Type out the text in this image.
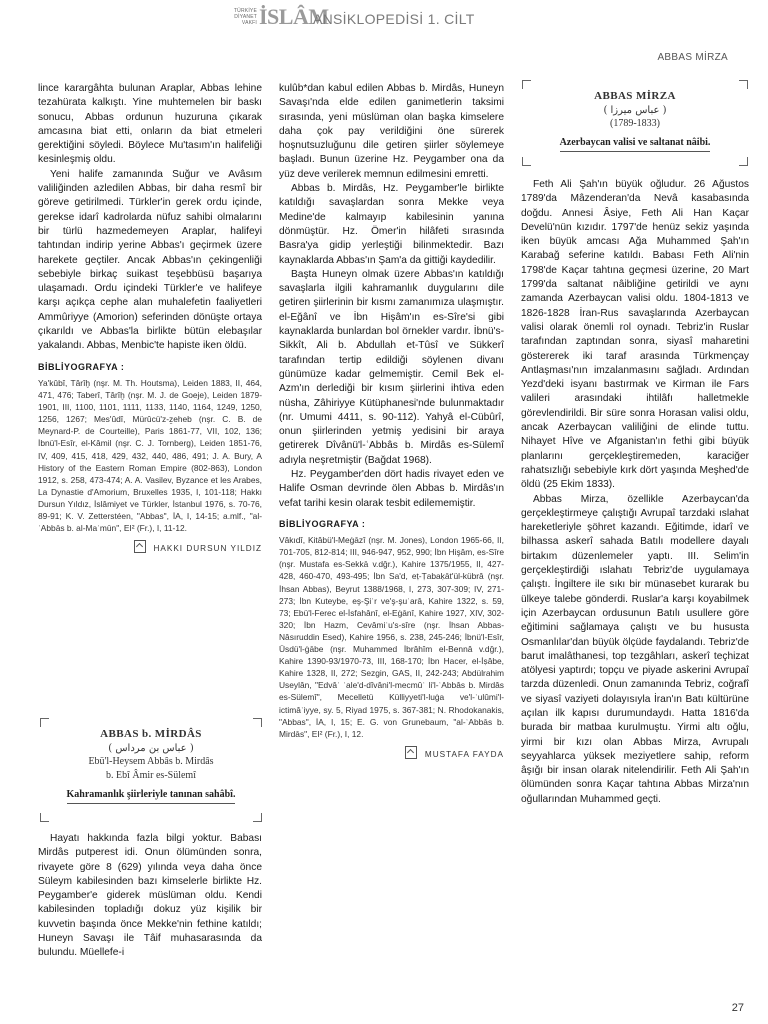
TÜRKİYE
DİYANET
VAKFI İSLÂM
ANSİKLOPEDİSİ 1. CİLT
ABBAS MİRZA

lince karargâhta bulunan Araplar, Abbas lehine tezahürata kalkıştı. Yine muhtemelen bir baskı sonucu, Abbas ordunun huzuruna çıkarak amcasına biat etti, onların da biat etmeleri gerektiğini söyledi. Böylece Mu'tasım'ın halifeliği kesinleşmiş oldu.

Yeni halife zamanında Suğur ve Avâsım valiliğinden azledilen Abbas, bir daha resmî bir göreve getirilmedi. Türkler'in gerek ordu içinde, gerekse idarî kadrolarda nüfuz sahibi olmalarını bir türlü hazmedemeyen Araplar, halifeyi tahtından indirip yerine Abbas'ı geçirmek üzere harekete geçtiler. Ancak Abbas'ın çekingenliği sebebiyle birkaç suikast teşebbüsü başarıya ulaşamadı. Ordu içindeki Türkler'e ve halifeye karşı açıkça cephe alan muhalefetin faaliyetleri Ammûriyye (Amorion) seferinden dönüşte ortaya çıkarıldı ve Abbas'la birlikte bütün elebaşılar yakalandı. Abbas, Menbic'te hapiste iken öldü.

BİBLİYOGRAFYA :

Ya'kûbî, Târîḫ (nşr. M. Th. Houtsma), Leiden 1883, II, 464, 471, 476; Taberî, Târîḫ (nşr. M. J. de Goeje), Leiden 1879-1901, III, 1100, 1101, 1111, 1133, 1140, 1164, 1249, 1250, 1256, 1267; Mes'ûdî, Mürûcü'z-ẕeheb (nşr. C. B. de Meynard-P. de Courteille), Paris 1861-77, VII, 102, 136; İbnü'l-Esîr, el-Kâmil (nşr. C. J. Tornberg), Leiden 1851-76, IV, 409, 415, 418, 429, 432, 440, 486, 491; J. A. Bury, A History of the Eastern Roman Empire (802-863), London 1912, s. 258, 473-474; A. A. Vasilev, Byzance et les Arabes, La Dynastie d'Amorium, Bruxelles 1935, I, 101-118; Hakkı Dursun Yıldız, İslâmiyet ve Türkler, İstanbul 1976, s. 70-76, 89-91; K. V. Zetterstéen, "Abbas", İA, I, 14-15; a.mlf., "al- ʿAbbās b. al-Maʾmūn", EI² (Fr.), I, 11-12.

HAKKI DURSUN YILDIZ
ABBAS b. MİRDÂS
( عباس بن مرداس )
Ebü'l-Heysem Abbâs b. Mirdâs
b. Ebî Âmir es-Sülemî
Kahramanlık şiirleriyle tanınan sahâbî.

Hayatı hakkında fazla bilgi yoktur. Babası Mirdâs putperest idi. Onun ölümünden sonra, rivayete göre 8 (629) yılında veya daha önce Süleym kabilesinden bazı kimselerle birlikte Hz. Peygamber'e giderek müslüman oldu. Kendi kabilesinden topladığı dokuz yüz kişilik bir kuvvetin başında önce Mekke'nin fethine katıldı; Huneyn Savaşı ile Tâif muhasarasında da bulundu. Müellefe-i

kulûb*dan kabul edilen Abbas b. Mirdâs, Huneyn Savaşı'nda elde edilen ganimetlerin taksimi sırasında, yeni müslüman olan başka kimselere daha çok pay verildiğini öne sürerek hoşnutsuzluğunu dile getiren şiirler söylemeye başladı. Bunun üzerine Hz. Peygamber ona da yüz deve verilerek memnun edilmesini emretti.

Abbas b. Mirdâs, Hz. Peygamber'le birlikte katıldığı savaşlardan sonra Mekke veya Medine'de kalmayıp kabilesinin yanına dönmüştür. Hz. Ömer'in hilâfeti sırasında Basra'ya gidip yerleştiği bilinmektedir. Bazı kaynaklarda Abbas'ın Şam'a da gittiği kaydedilir.

Başta Huneyn olmak üzere Abbas'ın katıldığı savaşlarla ilgili kahramanlık duygularını dile getiren şiirlerinin bir kısmı zamanımıza ulaşmıştır. el-Eğânî ve İbn Hişâm'ın es-Sîre'si gibi kaynaklarda bunlardan bol örnekler vardır. İbnü's-Sikkît, Ali b. Abdullah et-Tûsî ve Sükkerî tarafından tertip edildiği söylenen divanı günümüze kadar gelmemiştir. Cemil Bek el-Azm'ın derlediği bir kısım şiirlerini ihtiva eden nüsha, Zâhiriyye Kütüphanesi'nde bulunmaktadır (nr. Umumi 4411, s. 90-112). Yahyâ el-Cübûrî, onun şiirlerinden yetmiş yedisini bir araya getirerek Dîvânü'l-ʿAbbâs b. Mirdâs es-Sülemî adıyla neşretmiştir (Bağdat 1968).

Hz. Peygamber'den dört hadis rivayet eden ve Halife Osman devrinde ölen Abbas b. Mirdâs'ın vefat tarihi kesin olarak tesbit edilememiştir.

BİBLİYOGRAFYA :

Vâkıdî, Kitâbü'l-Meġāzî (nşr. M. Jones), London 1965-66, II, 701-705, 812-814; III, 946-947, 952, 990; İbn Hişâm, es-Sîre (nşr. Mustafa es-Sekkā v.dğr.), Kahire 1375/1955, II, 427-428, 460-470, 493-495; İbn Sa'd, eṭ-Ṭabaḳāt'ül-kübrâ (nşr. İhsan Abbas), Beyrut 1388/1968, I, 273, 307-309; IV, 271-273; İbn Kuteybe, eş-Şiʿr ve'ş-şuʿarâ, Kahire 1322, s. 59, 73; Ebü'l-Ferec el-İsfahânî, el-Eġānî, Kahire 1927, XIV, 302-320; İbn Hazm, Cevâmiʿu's-sîre (nşr. İhsan Abbas-Nâsıruddin Esed), Kahire 1956, s. 238, 245-246; İbnü'l-Esîr, Üsdü'l-ġābe (nşr. Muhammed İbrâhîm el-Bennâ v.dğr.), Kahire 1390-93/1970-73, III, 168-170; İbn Hacer, el-İṣâbe, Kahire 1328, II, 272; Sezgin, GAS, II, 242-243; Abdülrahim Useylân, "Edvâʾ ʿale'd-dîvâni'l-mecmûʿ li'l-ʿAbbâs b. Mirdâs es-Sülemî", Mecelletü Külliyyeti'l-luġa ve'l-ʿulûmi'l-ictimâʿiyye, sy. 5, Riyad 1975, s. 367-381; N. Rhodokanakis, "Abbas", İA, I, 15; E. G. von Grunebaum, "al-ʿAbbās b. Mirdās", EI² (Fr.), I, 12.

MUSTAFA FAYDA
ABBAS MİRZA
( عباس ميرزا )
(1789-1833)
Azerbaycan valisi ve saltanat nâibi.

Feth Ali Şah'ın büyük oğludur. 26 Ağustos 1789'da Mâzenderan'da Nevâ kasabasında doğdu. Annesi Âsiye, Feth Ali Han Kaçar Develü'nün kızıdır. 1797'de henüz sekiz yaşında iken büyük amcası Ağa Muhammed Şah'ın Karabağ seferine katıldı. Babası Feth Ali'nin 1798'de Kaçar tahtına geçmesi üzerine, 20 Mart 1799'da saltanat nâibliğine getirildi ve aynı zamanda Azerbaycan valisi oldu. 1804-1813 ve 1826-1828 İran-Rus savaşlarında Azerbaycan valisi olarak önemli rol oynadı. Tebriz'in Ruslar tarafından zaptından sonra, siyasî maharetini göstererek iki taraf arasında Türkmençay Antlaşması'nın imzalanmasını sağladı. Ardından Yezd'deki isyanı bastırmak ve Kirman ile Fars valileri arasındaki ihtilâfı halletmekle görevlendirildi. Bir süre sonra Horasan valisi oldu, ancak Azerbaycan valiliğini de elinde tuttu. Nihayet Hîve ve Afganistan'ın fethi gibi büyük planlarını gerçekleştiremeden, karaciğer rahatsızlığı sebebiyle kırk dört yaşında Meşhed'de öldü (25 Ekim 1833).

Abbas Mirza, özellikle Azerbaycan'da gerçekleştirmeye çalıştığı Avrupaî tarzdaki ıslahat hareketleriyle şöhret kazandı. Eğitimde, idarî ve bilhassa askerî sahada Batılı modellere dayalı birtakım düzenlemeler yaptı. III. Selim'in gerçekleştirdiği ıslahatı Tebriz'de uygulamaya çalıştı. İngiltere ile sıkı bir münasebet kurarak bu ülkeye talebe gönderdi. Ruslar'a karşı koyabilmek için Azerbaycan ordusunun Batılı usullere göre eğitimini sağlamaya çalıştı ve bu hususta Osmanlılar'dan büyük ölçüde faydalandı. Tebriz'de barut imalâthanesi, top tezgâhları, askerî teçhizat atölyesi yaptırdı; topçu ve piyade askerini Avrupaî tarzda düzenledi. Onun zamanında Tebriz, coğrafî ve siyasî vaziyeti dolayısıyla İran'ın Batı kültürüne açılan ilk kapısı durumundaydı. Hatta 1816'da burada bir matbaa kurulmuştu. Yirmi altı oğlu, yirmi bir kızı olan Abbas Mirza, Avrupalı seyyahlarca yüksek meziyetlere sahip, reform âşığı bir insan olarak nitelendirilir. Feth Ali Şah'ın ölümünden sonra Kaçar tahtına Abbas Mirza'nın oğullarından Muhammed geçti.

27
